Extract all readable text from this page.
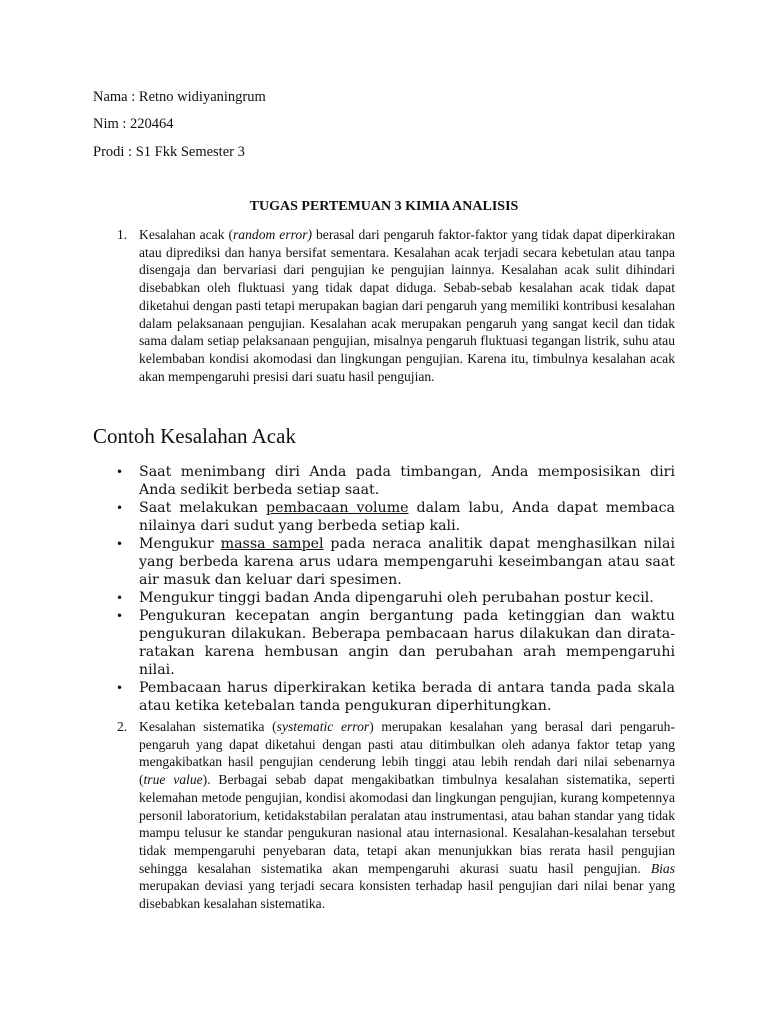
Nama : Retno widiyaningrum
Nim : 220464
Prodi : S1 Fkk Semester 3
TUGAS PERTEMUAN 3 KIMIA ANALISIS
1. Kesalahan acak (random error) berasal dari pengaruh faktor-faktor yang tidak dapat diperkirakan atau diprediksi dan hanya bersifat sementara. Kesalahan acak terjadi secara kebetulan atau tanpa disengaja dan bervariasi dari pengujian ke pengujian lainnya. Kesalahan acak sulit dihindari disebabkan oleh fluktuasi yang tidak dapat diduga. Sebab-sebab kesalahan acak tidak dapat diketahui dengan pasti tetapi merupakan bagian dari pengaruh yang memiliki kontribusi kesalahan dalam pelaksanaan pengujian. Kesalahan acak merupakan pengaruh yang sangat kecil dan tidak sama dalam setiap pelaksanaan pengujian, misalnya pengaruh fluktuasi tegangan listrik, suhu atau kelembaban kondisi akomodasi dan lingkungan pengujian. Karena itu, timbulnya kesalahan acak akan mempengaruhi presisi dari suatu hasil pengujian.
Contoh Kesalahan Acak
• Saat menimbang diri Anda pada timbangan, Anda memposisikan diri Anda sedikit berbeda setiap saat.
• Saat melakukan pembacaan volume dalam labu, Anda dapat membaca nilainya dari sudut yang berbeda setiap kali.
• Mengukur massa sampel pada neraca analitik dapat menghasilkan nilai yang berbeda karena arus udara mempengaruhi keseimbangan atau saat air masuk dan keluar dari spesimen.
• Mengukur tinggi badan Anda dipengaruhi oleh perubahan postur kecil.
• Pengukuran kecepatan angin bergantung pada ketinggian dan waktu pengukuran dilakukan. Beberapa pembacaan harus dilakukan dan dirata-ratakan karena hembusan angin dan perubahan arah mempengaruhi nilai.
• Pembacaan harus diperkirakan ketika berada di antara tanda pada skala atau ketika ketebalan tanda pengukuran diperhitungkan.
2. Kesalahan sistematika (systematic error) merupakan kesalahan yang berasal dari pengaruh-pengaruh yang dapat diketahui dengan pasti atau ditimbulkan oleh adanya faktor tetap yang mengakibatkan hasil pengujian cenderung lebih tinggi atau lebih rendah dari nilai sebenarnya (true value). Berbagai sebab dapat mengakibatkan timbulnya kesalahan sistematika, seperti kelemahan metode pengujian, kondisi akomodasi dan lingkungan pengujian, kurang kompetennya personil laboratorium, ketidakstabilan peralatan atau instrumentasi, atau bahan standar yang tidak mampu telusur ke standar pengukuran nasional atau internasional. Kesalahan-kesalahan tersebut tidak mempengaruhi penyebaran data, tetapi akan menunjukkan bias rerata hasil pengujian sehingga kesalahan sistematika akan mempengaruhi akurasi suatu hasil pengujian. Bias merupakan deviasi yang terjadi secara konsisten terhadap hasil pengujian dari nilai benar yang disebabkan kesalahan sistematika.
